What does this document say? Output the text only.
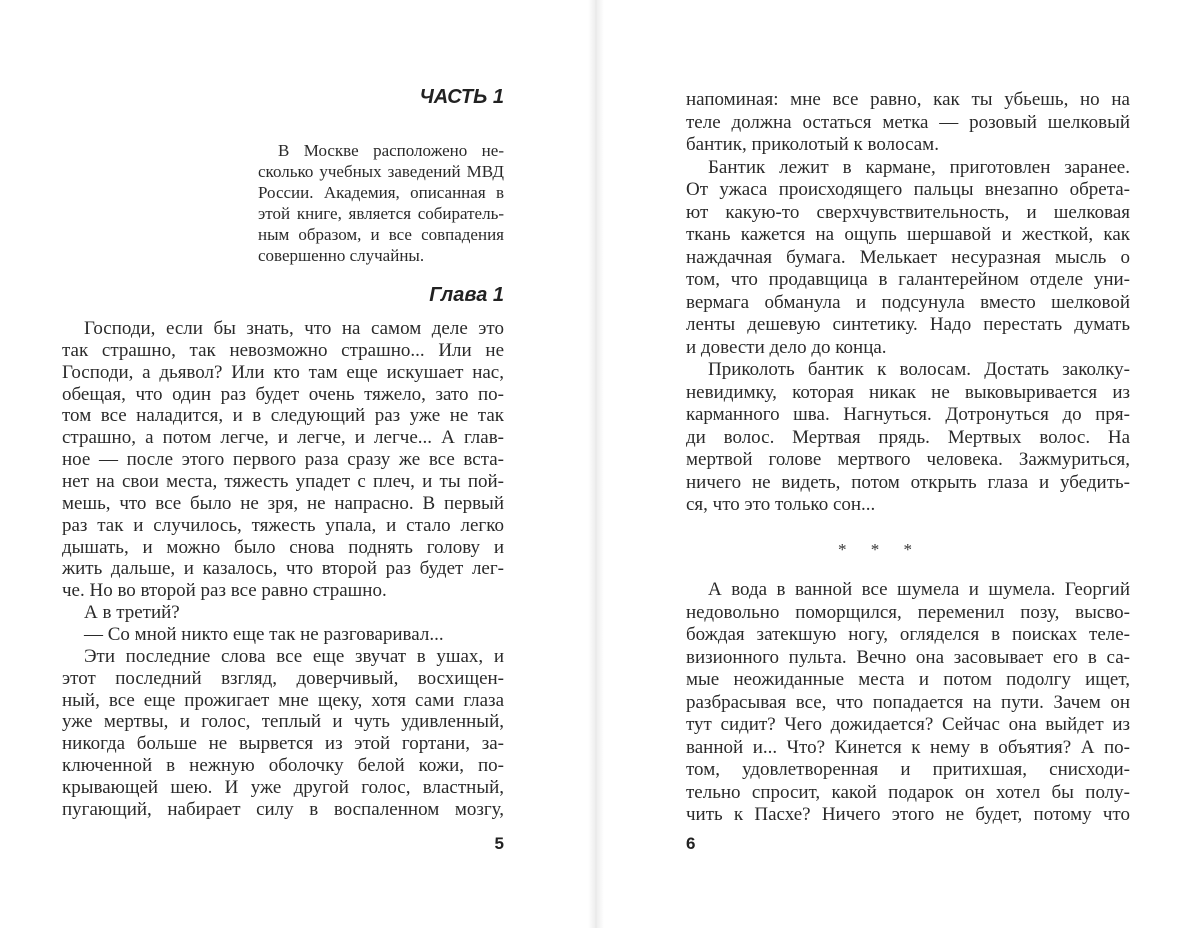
ЧАСТЬ 1
В Москве расположено не-
сколько учебных заведений МВД
России. Академия, описанная в
этой книге, является собиратель-
ным образом, и все совпадения
совершенно случайны.
Глава 1
Господи, если бы знать, что на самом деле это
так страшно, так невозможно страшно... Или не
Господи, а дьявол? Или кто там еще искушает нас,
обещая, что один раз будет очень тяжело, зато по-
том все наладится, и в следующий раз уже не так
страшно, а потом легче, и легче, и легче... А глав-
ное — после этого первого раза сразу же все вста-
нет на свои места, тяжесть упадет с плеч, и ты пой-
мешь, что все было не зря, не напрасно. В первый
раз так и случилось, тяжесть упала, и стало легко
дышать, и можно было снова поднять голову и
жить дальше, и казалось, что второй раз будет лег-
че. Но во второй раз все равно страшно.
А в третий?
— Со мной никто еще так не разговаривал...
Эти последние слова все еще звучат в ушах, и
этот последний взгляд, доверчивый, восхищен-
ный, все еще прожигает мне щеку, хотя сами глаза
уже мертвы, и голос, теплый и чуть удивленный,
никогда больше не вырвется из этой гортани, за-
ключенной в нежную оболочку белой кожи, по-
крывающей шею. И уже другой голос, властный,
пугающий, набирает силу в воспаленном мозгу,
5
напоминая: мне все равно, как ты убьешь, но на
теле должна остаться метка — розовый шелковый
бантик, приколотый к волосам.
Бантик лежит в кармане, приготовлен заранее.
От ужаса происходящего пальцы внезапно обрета-
ют какую-то сверхчувствительность, и шелковая
ткань кажется на ощупь шершавой и жесткой, как
наждачная бумага. Мелькает несуразная мысль о
том, что продавщица в галантерейном отделе уни-
вермага обманула и подсунула вместо шелковой
ленты дешевую синтетику. Надо перестать думать
и довести дело до конца.
Приколоть бантик к волосам. Достать заколку-
невидимку, которая никак не выковыривается из
карманного шва. Нагнуться. Дотронуться до пря-
ди волос. Мертвая прядь. Мертвых волос. На
мертвой голове мертвого человека. Зажмуриться,
ничего не видеть, потом открыть глаза и убедить-
ся, что это только сон...
* * *
А вода в ванной все шумела и шумела. Георгий
недовольно поморщился, переменил позу, высво-
бождая затекшую ногу, огляделся в поисках теле-
визионного пульта. Вечно она засовывает его в са-
мые неожиданные места и потом подолгу ищет,
разбрасывая все, что попадается на пути. Зачем он
тут сидит? Чего дожидается? Сейчас она выйдет из
ванной и... Что? Кинется к нему в объятия? А по-
том, удовлетворенная и притихшая, снисходи-
тельно спросит, какой подарок он хотел бы полу-
чить к Пасхе? Ничего этого не будет, потому что
6
